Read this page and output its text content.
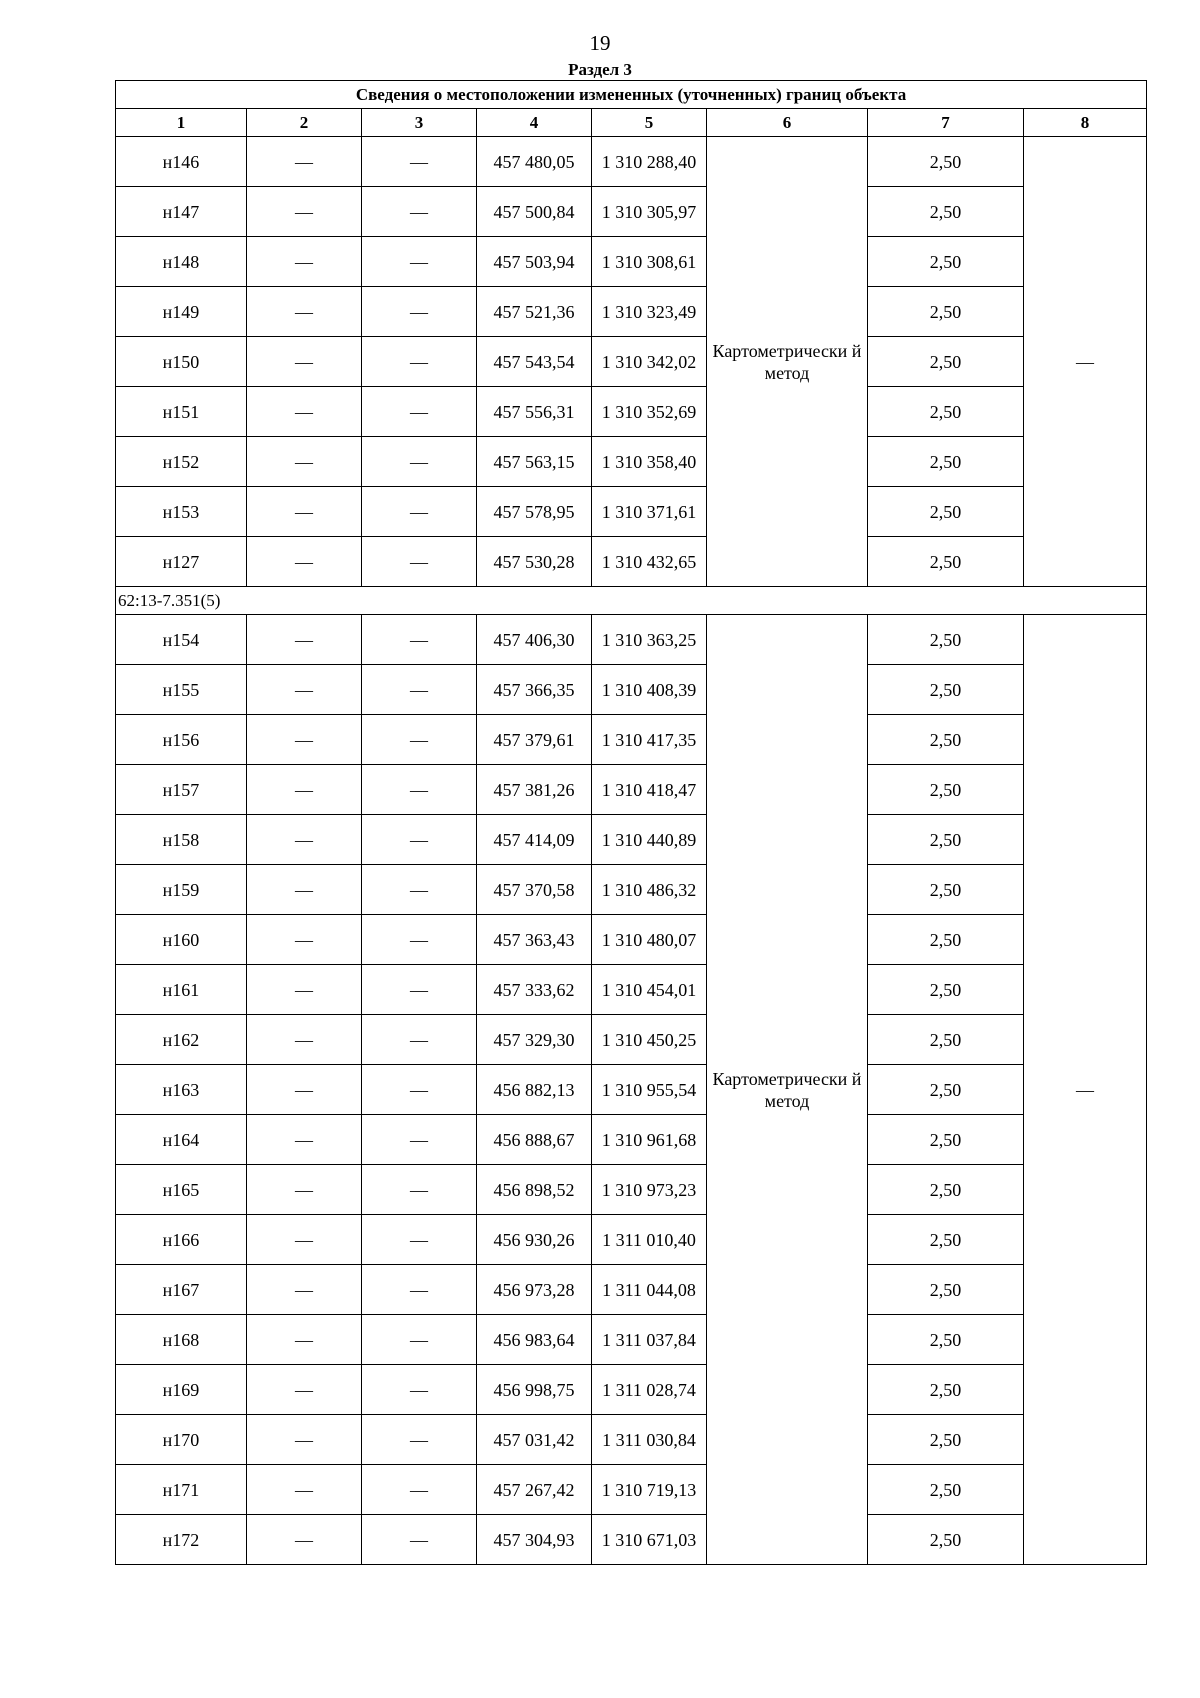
19
Раздел 3
Сведения о местоположении измененных (уточненных) границ объекта							
1	2	3	4	5	6	7	8
н146	—	—	457 480,05	1 310 288,40	Картометрически й метод	2,50	—
н147	—	—	457 500,84	1 310 305,97		2,50	
н148	—	—	457 503,94	1 310 308,61		2,50	
н149	—	—	457 521,36	1 310 323,49		2,50	
н150	—	—	457 543,54	1 310 342,02		2,50	
н151	—	—	457 556,31	1 310 352,69		2,50	
н152	—	—	457 563,15	1 310 358,40		2,50	
н153	—	—	457 578,95	1 310 371,61		2,50	
н127	—	—	457 530,28	1 310 432,65		2,50	
62:13-7.351(5)							
н154	—	—	457 406,30	1 310 363,25	Картометрически й метод	2,50	—
н155	—	—	457 366,35	1 310 408,39		2,50	
н156	—	—	457 379,61	1 310 417,35		2,50	
н157	—	—	457 381,26	1 310 418,47		2,50	
н158	—	—	457 414,09	1 310 440,89		2,50	
н159	—	—	457 370,58	1 310 486,32		2,50	
н160	—	—	457 363,43	1 310 480,07		2,50	
н161	—	—	457 333,62	1 310 454,01		2,50	
н162	—	—	457 329,30	1 310 450,25		2,50	
н163	—	—	456 882,13	1 310 955,54		2,50	
н164	—	—	456 888,67	1 310 961,68		2,50	
н165	—	—	456 898,52	1 310 973,23		2,50	
н166	—	—	456 930,26	1 311 010,40		2,50	
н167	—	—	456 973,28	1 311 044,08		2,50	
н168	—	—	456 983,64	1 311 037,84		2,50	
н169	—	—	456 998,75	1 311 028,74		2,50	
н170	—	—	457 031,42	1 311 030,84		2,50	
н171	—	—	457 267,42	1 310 719,13		2,50	
н172	—	—	457 304,93	1 310 671,03		2,50	
